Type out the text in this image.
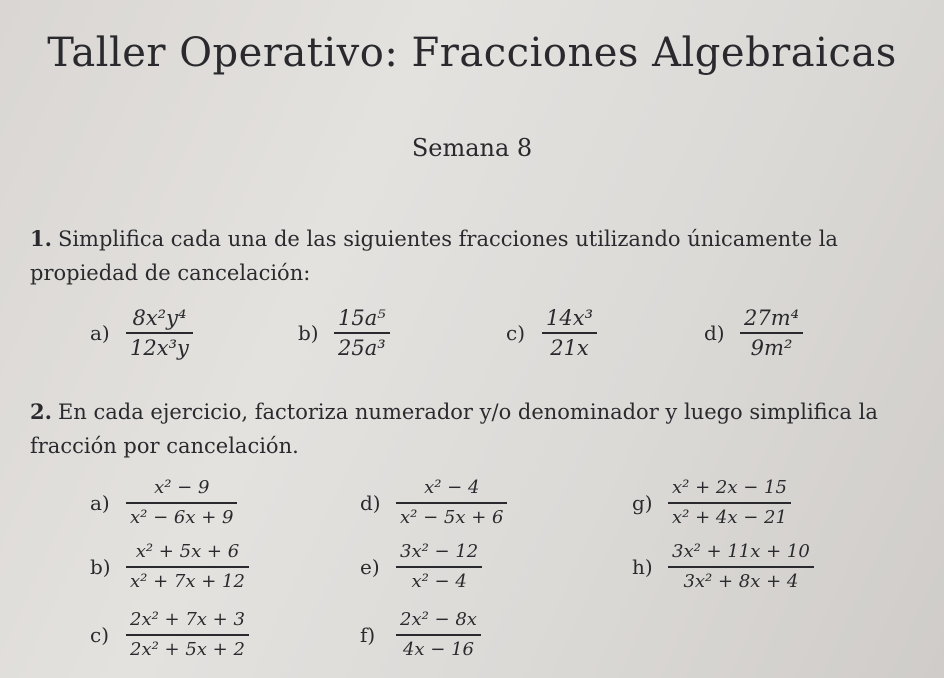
Taller Operativo: Fracciones Algebraicas
Semana 8
1. Simplifica cada una de las siguientes fracciones utilizando únicamente la propiedad de cancelación:
$a) \frac{\text{8x²y⁴}}{\text{12x³y}}$	$b) \frac{\text{15a⁵}}{\text{25a³}}$	$c) \frac{\text{14x³}}{21x}$	$d) \frac{\text{27m⁴}}{\text{9m²}}$
2. En cada ejercicio, factoriza numerador y/o denominador y luego simplifica la fracción por cancelación.
$a) \frac{\text{x² − 9}}{\text{x² − 6x + 9}}$
$b) \frac{\text{x² + 5x + 6}}{\text{x² + 7x + 12}}$
$c) \frac{\text{2x² + 7x + 3}}{\text{2x² + 5x + 2}}$
$d) \frac{\text{x² − 4}}{\text{x² − 5x + 6}}$
$e) \frac{\text{3x² − 12}}{\text{x² − 4}}$
f)	$\frac{\text{2x² − 8x}}{4x - 16}$
$g) \frac{\text{x² + 2x − 15}}{\text{x² + 4x − 21}}$
$h) \frac{\text{3x² + 11x + 10}}{\text{3x² + 8x + 4}}$
